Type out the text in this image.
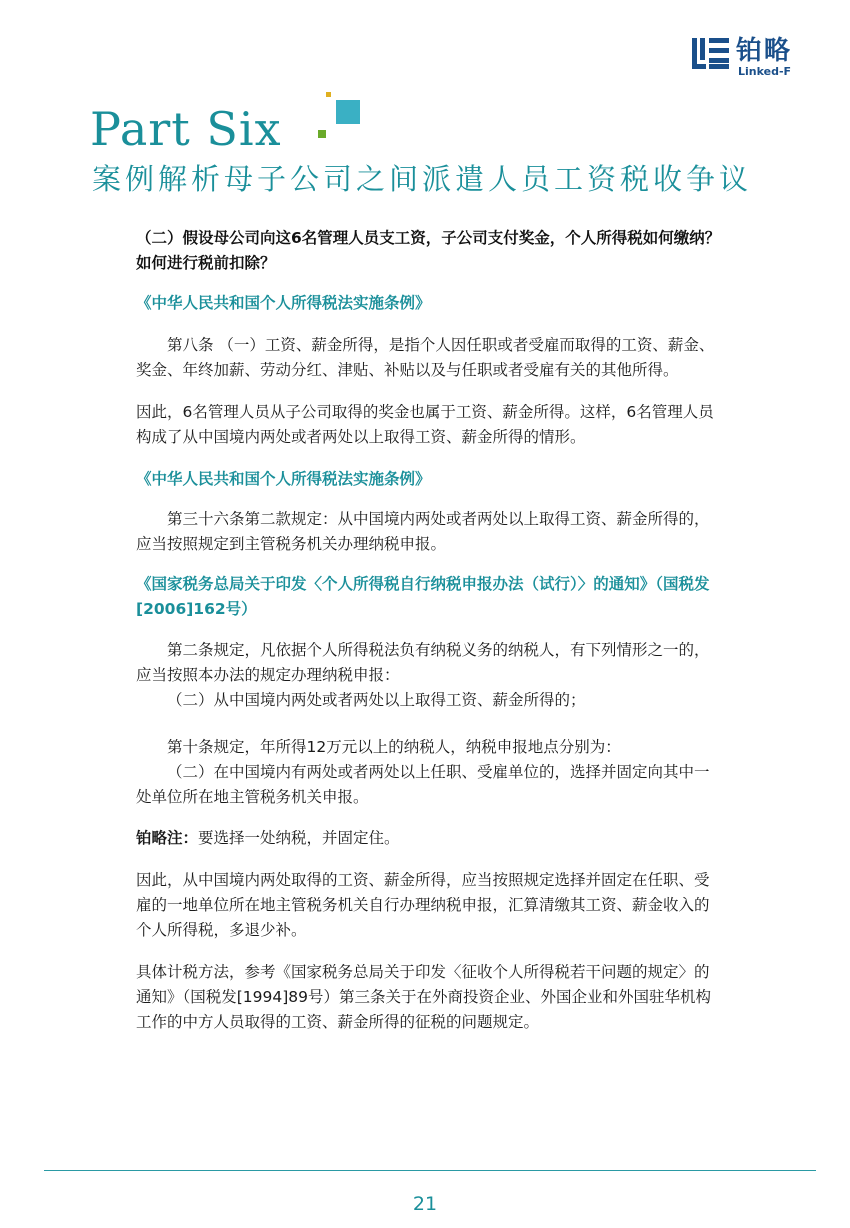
铂略
Linked-F
Part Six
案例解析母子公司之间派遣人员工资税收争议

（二）假设母公司向这6名管理人员支工资，子公司支付奖金，个人所得税如何缴纳？如何进行税前扣除？

《中华人民共和国个人所得税法实施条例》

第八条 （一）工资、薪金所得，是指个人因任职或者受雇而取得的工资、薪金、奖金、年终加薪、劳动分红、津贴、补贴以及与任职或者受雇有关的其他所得。

因此，6名管理人员从子公司取得的奖金也属于工资、薪金所得。这样，6名管理人员构成了从中国境内两处或者两处以上取得工资、薪金所得的情形。

《中华人民共和国个人所得税法实施条例》

第三十六条第二款规定：从中国境内两处或者两处以上取得工资、薪金所得的，应当按照规定到主管税务机关办理纳税申报。

《国家税务总局关于印发〈个人所得税自行纳税申报办法（试行）〉的通知》（国税发[2006]162号）

第二条规定，凡依据个人所得税法负有纳税义务的纳税人，有下列情形之一的，应当按照本办法的规定办理纳税申报：

（二）从中国境内两处或者两处以上取得工资、薪金所得的；

第十条规定，年所得12万元以上的纳税人，纳税申报地点分别为：

（二）在中国境内有两处或者两处以上任职、受雇单位的，选择并固定向其中一处单位所在地主管税务机关申报。

铂略注：要选择一处纳税，并固定住。

因此，从中国境内两处取得的工资、薪金所得，应当按照规定选择并固定在任职、受雇的一地单位所在地主管税务机关自行办理纳税申报，汇算清缴其工资、薪金收入的个人所得税，多退少补。

具体计税方法，参考《国家税务总局关于印发〈征收个人所得税若干问题的规定〉的通知》（国税发[1994]89号）第三条关于在外商投资企业、外国企业和外国驻华机构工作的中方人员取得的工资、薪金所得的征税的问题规定。

21
